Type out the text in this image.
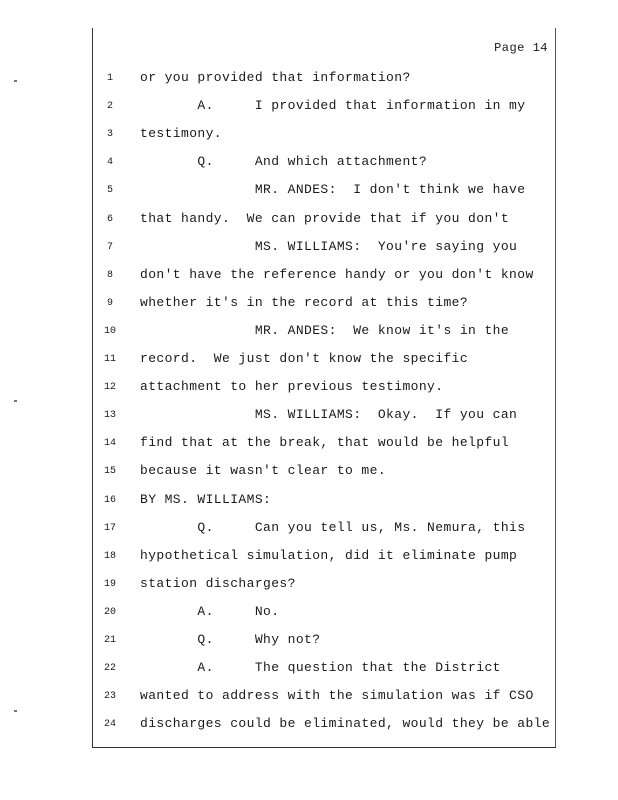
Page 14
1	or you provided that information?
2	A.     I provided that information in my
3	testimony.
4	Q.     And which attachment?
5	MR. ANDES:  I don't think we have
6	that handy.  We can provide that if you don't
7	MS. WILLIAMS:  You're saying you
8	don't have the reference handy or you don't know
9	whether it's in the record at this time?
10	MR. ANDES:  We know it's in the
11	record.  We just don't know the specific
12	attachment to her previous testimony.
13	MS. WILLIAMS:  Okay.  If you can
14	find that at the break, that would be helpful
15	because it wasn't clear to me.
16	BY MS. WILLIAMS:
17	Q.     Can you tell us, Ms. Nemura, this
18	hypothetical simulation, did it eliminate pump
19	station discharges?
20	A.     No.
21	Q.     Why not?
22	A.     The question that the District
23	wanted to address with the simulation was if CSO
24	discharges could be eliminated, would they be able
